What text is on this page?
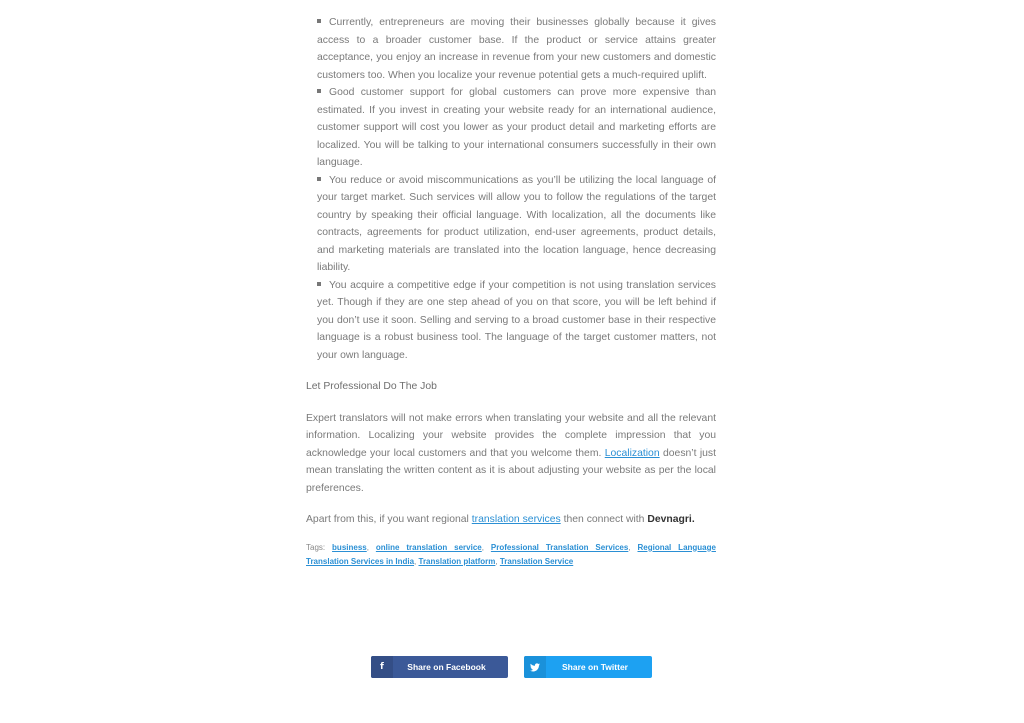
Currently, entrepreneurs are moving their businesses globally because it gives access to a broader customer base. If the product or service attains greater acceptance, you enjoy an increase in revenue from your new customers and domestic customers too. When you localize your revenue potential gets a much-required uplift.
Good customer support for global customers can prove more expensive than estimated. If you invest in creating your website ready for an international audience, customer support will cost you lower as your product detail and marketing efforts are localized. You will be talking to your international consumers successfully in their own language.
You reduce or avoid miscommunications as you’ll be utilizing the local language of your target market. Such services will allow you to follow the regulations of the target country by speaking their official language. With localization, all the documents like contracts, agreements for product utilization, end-user agreements, product details, and marketing materials are translated into the location language, hence decreasing liability.
You acquire a competitive edge if your competition is not using translation services yet. Though if they are one step ahead of you on that score, you will be left behind if you don’t use it soon. Selling and serving to a broad customer base in their respective language is a robust business tool. The language of the target customer matters, not your own language.
Let Professional Do The Job

Expert translators will not make errors when translating your website and all the relevant information. Localizing your website provides the complete impression that you acknowledge your local customers and that you welcome them. Localization doesn’t just mean translating the written content as it is about adjusting your website as per the local preferences.

Apart from this, if you want regional translation services then connect with Devnagri.

Tags: business, online translation service, Professional Translation Services, Regional Language Translation Services in India, Translation platform, Translation Service
f	Share on Facebook	Share on Twitter
